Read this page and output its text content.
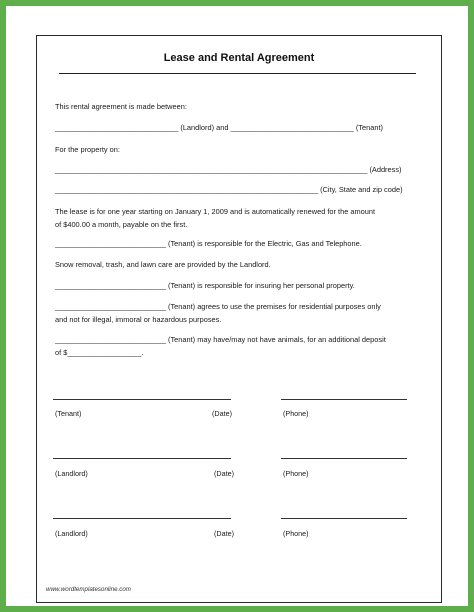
Lease and Rental Agreement
This rental agreement is made between:
______________________________ (Landlord) and ______________________________ (Tenant)
For the property on:
____________________________________________________________________________ (Address)
________________________________________________________________ (City, State and zip code)
The lease is for one year starting on January 1, 2009 and is automatically renewed for the amount
of $400.00 a month, payable on the first.
___________________________ (Tenant) is responsible for the Electric, Gas and Telephone.
Snow removal, trash, and lawn care are provided by the Landlord.
___________________________ (Tenant) is responsible for insuring her personal property.
___________________________ (Tenant) agrees to use the premises for residential purposes only
and not for illegal, immoral or hazardous purposes.
___________________________ (Tenant) may have/may not have animals, for an additional deposit
of $__________________.
(Tenant)	(Date)	(Phone)
(Landlord)	(Date)	(Phone)
(Landlord)	(Date)	(Phone)
www.wordtemplatesonline.com
